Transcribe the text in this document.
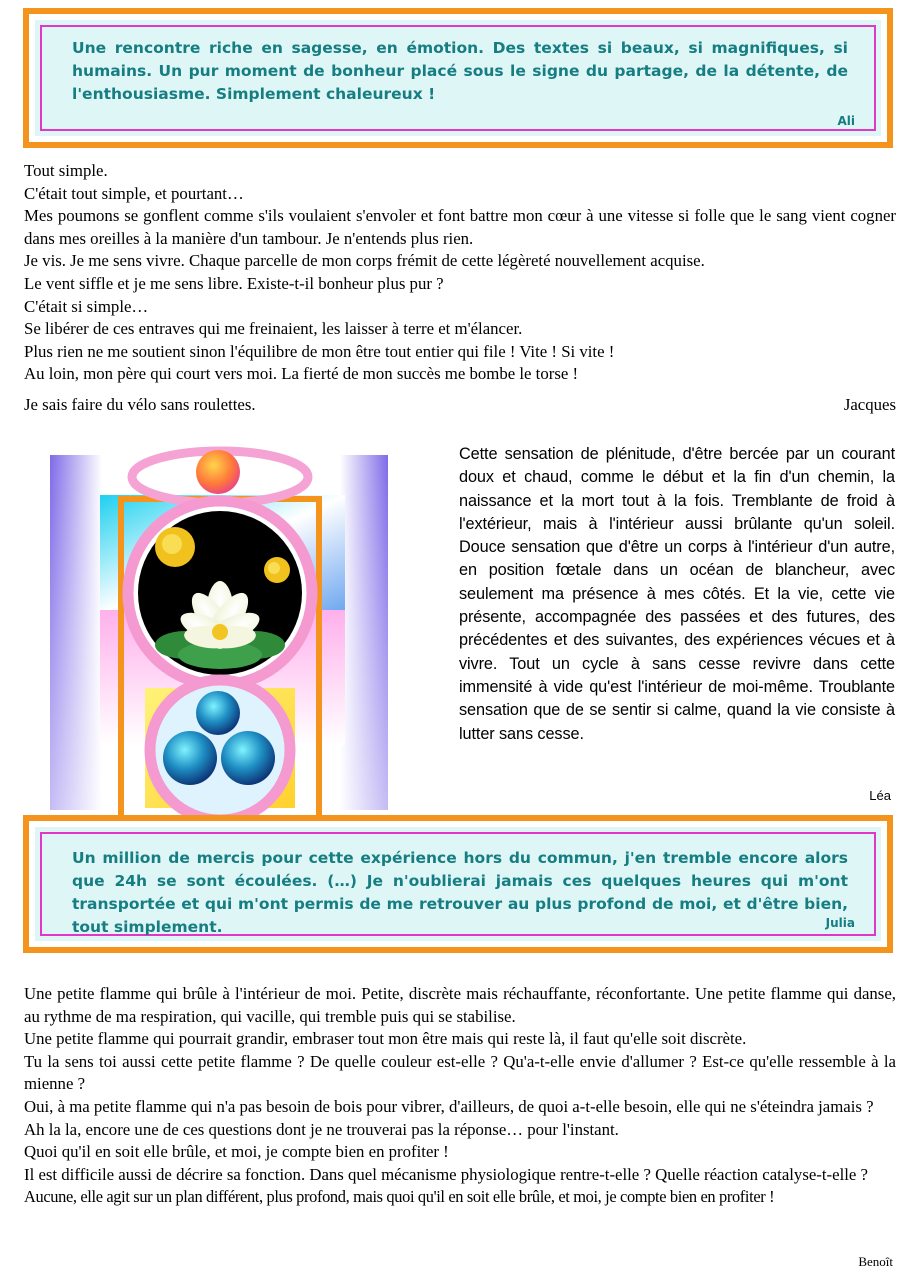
Une rencontre riche en sagesse, en émotion. Des textes si beaux, si magnifiques, si humains. Un pur moment de bonheur placé sous le signe du partage, de la détente, de l'enthousiasme. Simplement chaleureux !
Ali

Tout simple.

C'était tout simple, et pourtant…

Mes poumons se gonflent comme s'ils voulaient s'envoler et font battre mon cœur à une vitesse si folle que le sang vient cogner dans mes oreilles à la manière d'un tambour. Je n'entends plus rien.

Je vis. Je me sens vivre. Chaque parcelle de mon corps frémit de cette légèreté nouvellement acquise.

Le vent siffle et je me sens libre. Existe-t-il bonheur plus pur ?

C'était si simple…

Se libérer de ces entraves qui me freinaient, les laisser à terre et m'élancer.

Plus rien ne me soutient sinon l'équilibre de mon être tout entier qui file ! Vite ! Si vite !

Au loin, mon père qui court vers moi. La fierté de mon succès me bombe le torse !

Je sais faire du vélo sans roulettes.	Jacques

Cette sensation de plénitude, d'être bercée par un courant doux et chaud, comme le début et la fin d'un chemin, la naissance et la mort tout à la fois. Tremblante de froid à l'extérieur, mais à l'intérieur aussi brûlante qu'un soleil. Douce sensation que d'être un corps à l'intérieur d'un autre, en position fœtale dans un océan de blancheur, avec seulement ma présence à mes côtés. Et la vie, cette vie présente, accompagnée des passées et des futures, des précédentes et des suivantes, des expériences vécues et à vivre. Tout un cycle à sans cesse revivre dans cette immensité à vide qu'est l'intérieur de moi-même. Troublante sensation que de se sentir si calme, quand la vie consiste à lutter sans cesse.
Léa
Un million de mercis pour cette expérience hors du commun, j'en tremble encore alors que 24h se sont écoulées. (…) Je n'oublierai jamais ces quelques heures qui m'ont transportée et qui m'ont permis de me retrouver au plus profond de moi, et d'être bien, tout simplement.	Julia

Une petite flamme qui brûle à l'intérieur de moi. Petite, discrète mais réchauffante, réconfortante. Une petite flamme qui danse, au rythme de ma respiration, qui vacille, qui tremble puis qui se stabilise.

Une petite flamme qui pourrait grandir, embraser tout mon être mais qui reste là, il faut qu'elle soit discrète.

Tu la sens toi aussi cette petite flamme ? De quelle couleur est-elle ? Qu'a-t-elle envie d'allumer ? Est-ce qu'elle ressemble à la mienne ?

Oui, à ma petite flamme qui n'a pas besoin de bois pour vibrer, d'ailleurs, de quoi a-t-elle besoin, elle qui ne s'éteindra jamais ?

Ah la la, encore une de ces questions dont je ne trouverai pas la réponse… pour l'instant.

Quoi qu'il en soit elle brûle, et moi, je compte bien en profiter !

Il est difficile aussi de décrire sa fonction. Dans quel mécanisme physiologique rentre-t-elle ? Quelle réaction catalyse-t-elle ?

Aucune, elle agit sur un plan différent, plus profond, mais quoi qu'il en soit elle brûle, et moi, je compte bien en profiter !

Benoît
